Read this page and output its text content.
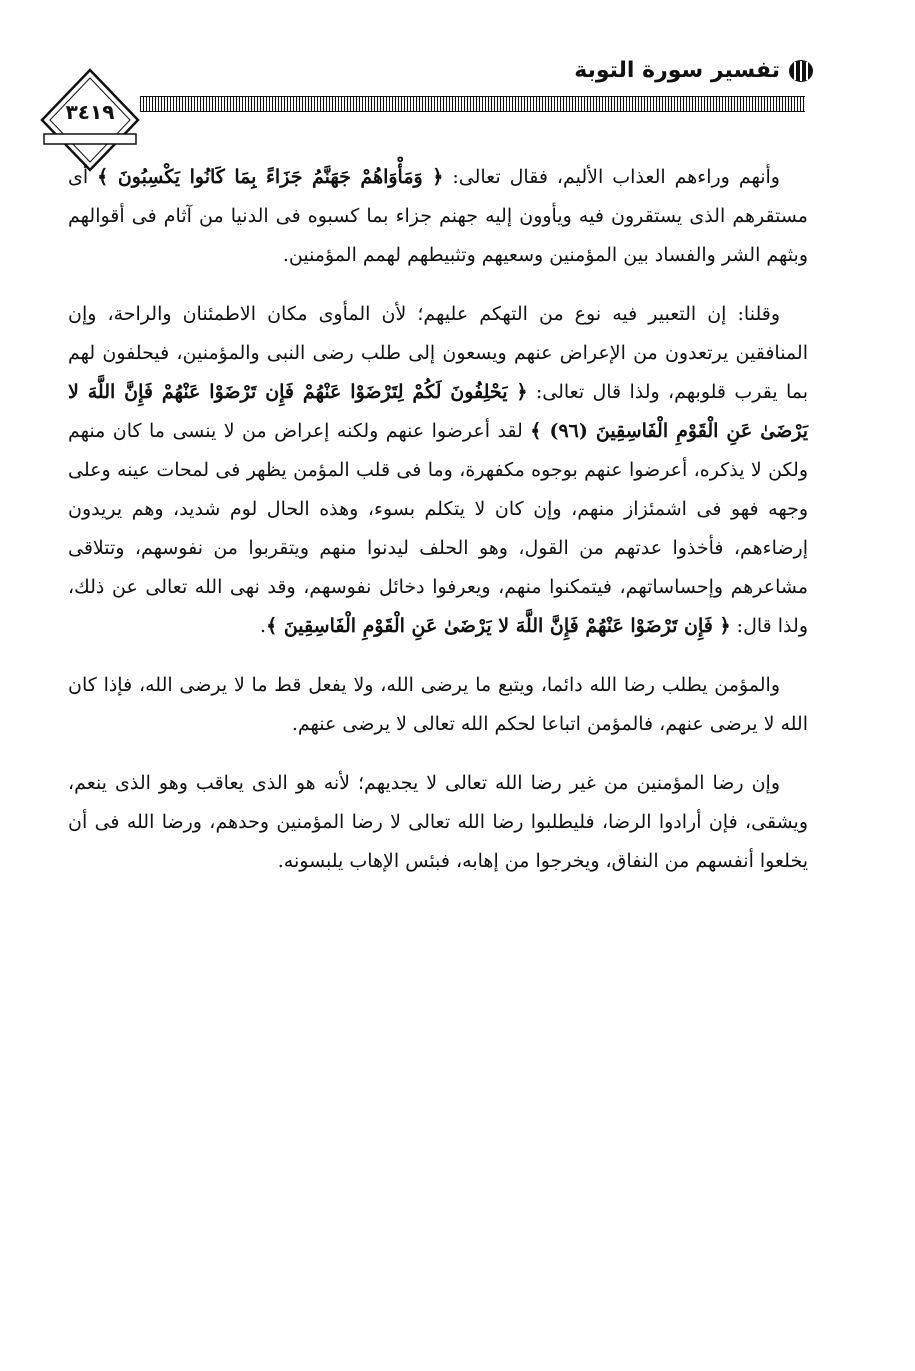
٣٤١٩
تفسير سورة التوبة

وأنهم وراءهم العذاب الأليم، فقال تعالى: ﴿ وَمَأْوَاهُمْ جَهَنَّمُ جَزَاءً بِمَا كَانُوا يَكْسِبُونَ ﴾ أى مستقرهم الذى يستقرون فيه ويأوون إليه جهنم جزاء بما كسبوه فى الدنيا من آثام فى أقوالهم وبثهم الشر والفساد بين المؤمنين وسعيهم وتثبيطهم لهمم المؤمنين.

وقلنا: إن التعبير فيه نوع من التهكم عليهم؛ لأن المأوى مكان الاطمئنان والراحة، وإن المنافقين يرتعدون من الإعراض عنهم ويسعون إلى طلب رضى النبى والمؤمنين، فيحلفون لهم بما يقرب قلوبهم، ولذا قال تعالى: ﴿ يَحْلِفُونَ لَكُمْ لِتَرْضَوْا عَنْهُمْ فَإِن تَرْضَوْا عَنْهُمْ فَإِنَّ اللَّهَ لا يَرْضَىٰ عَنِ الْقَوْمِ الْفَاسِقِينَ (٩٦) ﴾ لقد أعرضوا عنهم ولكنه إعراض من لا ينسى ما كان منهم ولكن لا يذكره، أعرضوا عنهم بوجوه مكفهرة، وما فى قلب المؤمن يظهر فى لمحات عينه وعلى وجهه فهو فى اشمئزاز منهم، وإن كان لا يتكلم بسوء، وهذه الحال لوم شديد، وهم يريدون إرضاءهم، فأخذوا عدتهم من القول، وهو الحلف ليدنوا منهم ويتقربوا من نفوسهم، وتتلاقى مشاعرهم وإحساساتهم، فيتمكنوا منهم، ويعرفوا دخائل نفوسهم، وقد نهى الله تعالى عن ذلك، ولذا قال: ﴿ فَإِن تَرْضَوْا عَنْهُمْ فَإِنَّ اللَّهَ لا يَرْضَىٰ عَنِ الْقَوْمِ الْفَاسِقِينَ ﴾.

والمؤمن يطلب رضا الله دائما، ويتبع ما يرضى الله، ولا يفعل قط ما لا يرضى الله، فإذا كان الله لا يرضى عنهم، فالمؤمن اتباعا لحكم الله تعالى لا يرضى عنهم.

وإن رضا المؤمنين من غير رضا الله تعالى لا يجديهم؛ لأنه هو الذى يعاقب وهو الذى ينعم، ويشقى، فإن أرادوا الرضا، فليطلبوا رضا الله تعالى لا رضا المؤمنين وحدهم، ورضا الله فى أن يخلعوا أنفسهم من النفاق، ويخرجوا من إهابه، فبئس الإهاب يلبسونه.
